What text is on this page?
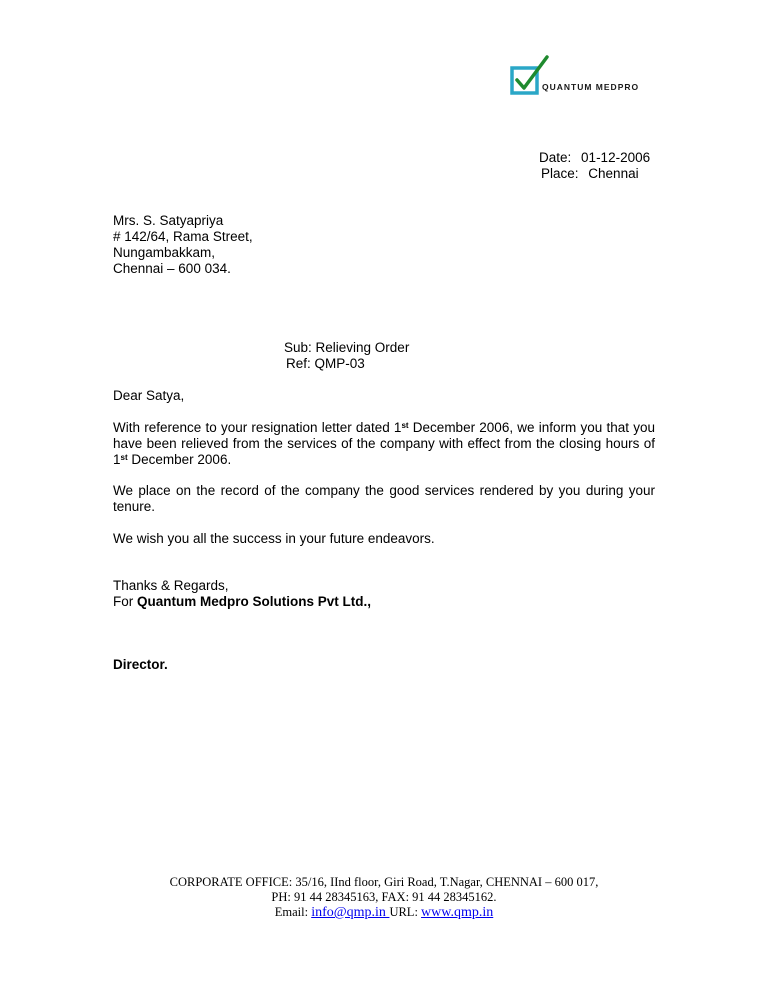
QUANTUM MEDPRO
Date: 01-12-2006
Place: Chennai
Mrs. S. Satyapriya
# 142/64, Rama Street,
Nungambakkam,
Chennai – 600 034.
Sub: Relieving Order
Ref: QMP-03
Dear Satya,
With reference to your resignation letter dated 1st December 2006, we inform you that you have been relieved from the services of the company with effect from the closing hours of 1st December 2006.
We place on the record of the company the good services rendered by you during your tenure.
We wish you all the success in your future endeavors.
Thanks & Regards,
For Quantum Medpro Solutions Pvt Ltd.,
Director.
CORPORATE OFFICE: 35/16, IInd floor, Giri Road, T.Nagar, CHENNAI – 600 017,
PH: 91 44 28345163, FAX: 91 44 28345162.
Email: info@qmp.in URL: www.qmp.in
